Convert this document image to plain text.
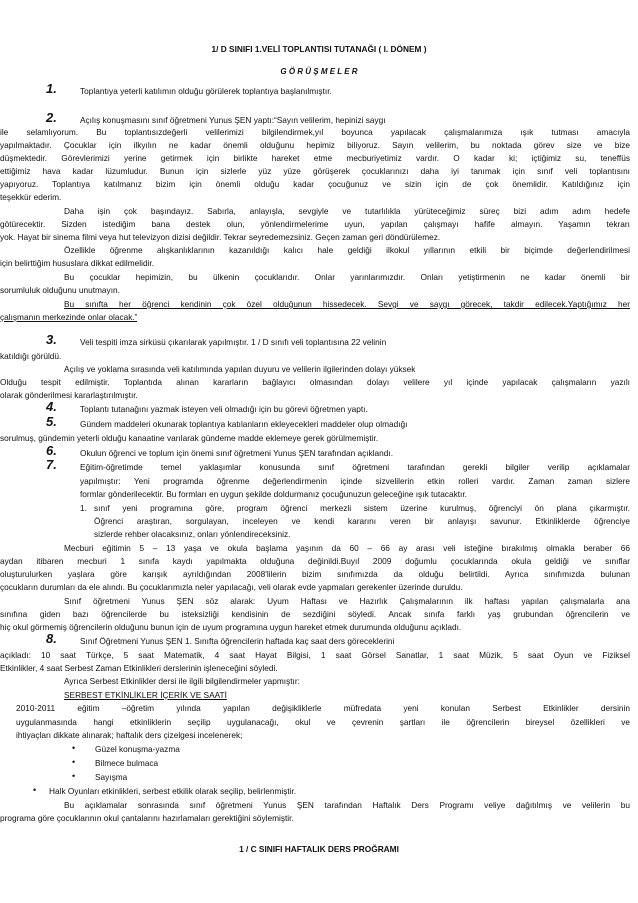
1/ D SINIFI 1.VELİ TOPLANTISI TUTANAĞI ( I. DÖNEM )
G Ö R Ü Ş M E L E R
1.	Toplantıya yeterli katılımın olduğu görülerek toplantıya başlanılmıştır.
2.	Açılış konuşmasını sınıf öğretmeni Yunus ŞEN yaptı:“Sayın velilerim, hepinizi saygı
ile selamlıyorum. Bu toplantısızdeğerli velilerimizi bilgilendirmek,yıl boyunca yapılacak çalışmalarımıza ışık tutması amacıyla
yapılmaktadır. Çocuklar için ilkyılın ne kadar önemli olduğunu hepimiz biliyoruz. Sayın velilerim, bu noktada görev size ve bize
düşmektedir. Görevlerimizi yerine getirmek için birlikte hareket etme mecburiyetimiz vardır. O kadar ki; içtiğimiz su, teneffüs
ettiğimiz hava kadar lüzumludur. Bunun için sizlerle yüz yüze görüşerek çocuklarınızı daha iyi tanımak için sınıf veli toplantısını
yapıyoruz. Toplantıya katılmanız bizim için önemli olduğu kadar çocuğunuz ve sizin için de çok önemlidir. Katıldığınız için
teşekkür ederim.
Daha işin çok başındayız. Sabırla, anlayışla, sevgiyle ve tutarlılıkla yürüteceğimiz süreç bizi adım adım hedefe
götürecektir. Sizden istediğim bana destek olun, yönlendirmelerime uyun, yapılan çalışmayı hafife almayın. Yaşamın tekrarı
yok. Hayat bir sinema filmi veya hut televizyon dizisi değildir. Tekrar seyredemezsiniz. Geçen zaman geri döndürülemez.
Özellikle öğrenme alışkanlıklarının kazanıldığı kalıcı hale geldiği ilkokul yıllarının etkili bir biçimde değerlendirilmesi
için belirttiğim hususlara dikkat edilmelidir.
Bu çocuklar hepimizin, bu ülkenin çocuklarıdır. Onlar yarınlarımızdır. Onları yetiştirmenin ne kadar önemli bir
sorumluluk olduğunu unutmayın.
Bu sınıfta her öğrenci kendinin çok özel olduğunun hissedecek. Sevgi ve saygı görecek, takdir edilecek.Yaptığımız her
çalışmanın merkezinde onlar olacak.”
3.	Veli tespiti imza sirküsü çıkarılarak yapılmıştır. 1 / D sınıfı veli toplantısına 22 velinin
katıldığı görüldü.
Açılış ve yoklama sırasında veli katılımında yapılan duyuru ve velilerin ilgilerinden dolayı yüksek
Olduğu tespit edilmiştir. Toplantıda alınan kararların bağlayıcı olmasından dolayı velilere yıl içinde yapılacak çalışmaların yazılı
olarak gönderilmesi kararlaştırılmıştır.
4.	Toplantı tutanağını yazmak isteyen veli olmadığı için bu görevi öğretmen yaptı.
5.	Gündem maddeleri okunarak toplantıya katılanların ekleyecekleri maddeler olup olmadığı
sorulmuş, gündemin yeterli olduğu kanaatine varılarak gündeme madde eklemeye gerek görülmemiştir.
6.	Okulun öğrenci ve toplum için önemi sınıf öğretmeni Yunus ŞEN tarafından açıklandı.
7.	Eğitim-öğretimde temel yaklaşımlar konusunda sınıf öğretmeni tarafından gerekli bilgiler verilip açıklamalar
yapılmıştır: Yeni programda öğrenme değerlendirmenin içinde sizvelilerin etkin rolleri vardır. Zaman zaman sizlere
formlar gönderilecektir. Bu formları en uygun şekilde doldurmanız çocuğunuzun geleceğine ışık tutacaktır.
1. sınıf yeni programına göre, program öğrenci merkezli sistem üzerine kurulmuş, öğrenciyi ön plana çıkarmıştır.
Öğrenci araştıran, sorgulayan, inceleyen ve kendi kararını veren bir anlayışı savunur. Etkinliklerde öğrenciye
sizlerde rehber olacaksınız, onları yönlendireceksiniz.
Mecburi eğitimin 5 – 13 yaşa ve okula başlama yaşının da 60 – 66 ay arası veli isteğine bırakılmış olmakla beraber 66
aydan itibaren mecburi 1 sınıfa kaydı yapılmakta olduğuna değinildi.Buyıl 2009 doğumlu çocuklarında okula geldiği ve sınıflar
oluşturulurken yaşlara göre karışık ayrıldığından 2008'lilerin bizim sınıfımızda da olduğu belirtildi. Ayrıca sınıfımızda bulunan
çocukların durumları da ele alındı. Bu çocuklarımızla neler yapılacağı, veli olarak evde yapmaları gerekenler üzerinde duruldu.
Sınıf öğretmeni Yunus ŞEN söz alarak: Uyum Haftası ve Hazırlık Çalışmalarının ilk haftası yapılan çalışmalarla ana
sınıfına giden bazı öğrencilerde bu isteksizliği kendisinin de sezdiğini söyledi. Ancak sınıfa farklı yaş grubundan öğrencilerin ve
hiç okul görmemiş öğrencilerin olduğunu bunun için de uyum programına uygun hareket etmek durumunda olduğunu açıkladı.
8.	Sınıf Öğretmeni Yunus ŞEN 1. Sınıfta öğrencilerin haftada kaç saat ders göreceklerini
açıkladı: 10 saat Türkçe, 5 saat Matematik, 4 saat Hayat Bilgisi, 1 saat Görsel Sanatlar, 1 saat Müzik, 5 saat Oyun ve Fiziksel
Etkinlikler, 4 saat Serbest Zaman Etkinlikleri derslerinin işleneceğini söyledi.
Ayrıca Serbest Etkinlikler dersi ile ilgili bilgilendirmeler yapmıştır:
SERBEST ETKİNLİKLER İÇERİK VE SAATİ
2010-2011 eğitim –öğretim yılında yapılan değişikliklerle müfredata yeni konulan Serbest Etkinlikler dersinin
uygulanmasında hangi etkinliklerin seçilip uygulanacağı, okul ve çevrenin şartları ile öğrencilerin bireysel özellikleri ve
ihtiyaçları dikkate alınarak; haftalık ders çizelgesi incelenerek;
• Güzel konuşma-yazma
• Bilmece bulmaca
• Sayışma
• Halk Oyunları etkinlikleri, serbest etkilik olarak seçilip, belirlenmiştir.
Bu açıklamalar sonrasında sınıf öğretmeni Yunus ŞEN tarafından Haftalık Ders Programı veliye dağıtılmış ve velilerin bu
programa göre çocuklarının okul çantalarını hazırlamaları gerektiğini söylemiştir.
1 / C SINIFI HAFTALIK DERS PROĞRAMI
